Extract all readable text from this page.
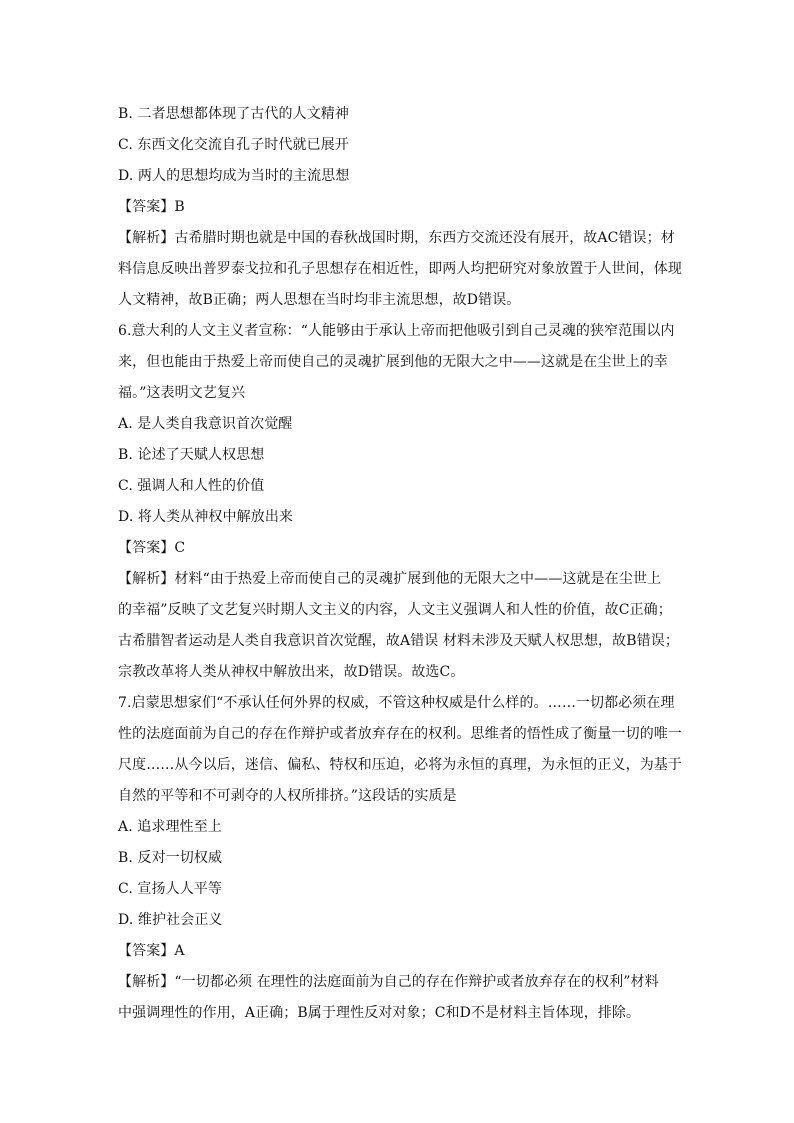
B. 二者思想都体现了古代的人文精神
C. 东西文化交流自孔子时代就已展开
D. 两人的思想均成为当时的主流思想
【答案】B
【解析】古希腊时期也就是中国的春秋战国时期，东西方交流还没有展开，故AC错误；材
料信息反映出普罗泰戈拉和孔子思想存在相近性，即两人均把研究对象放置于人世间，体现
人文精神，故B正确；两人思想在当时均非主流思想，故D错误。
6.意大利的人文主义者宣称：“人能够由于承认上帝而把他吸引到自己灵魂的狭窄范围以内
来，但也能由于热爱上帝而使自己的灵魂扩展到他的无限大之中——这就是在尘世上的幸
福。”这表明文艺复兴
A. 是人类自我意识首次觉醒
B. 论述了天赋人权思想
C. 强调人和人性的价值
D. 将人类从神权中解放出来
【答案】C
【解析】材料“由于热爱上帝而使自己的灵魂扩展到他的无限大之中——这就是在尘世上
的幸福”反映了文艺复兴时期人文主义的内容，人文主义强调人和人性的价值，故C正确；
古希腊智者运动是人类自我意识首次觉醒，故A错误 材料未涉及天赋人权思想，故B错误；
宗教改革将人类从神权中解放出来，故D错误。故选C。
7.启蒙思想家们“不承认任何外界的权威，不管这种权威是什么样的。……一切都必须在理
性的法庭面前为自己的存在作辩护或者放弃存在的权利。思维者的悟性成了衡量一切的唯一
尺度……从今以后，迷信、偏私、特权和压迫，必将为永恒的真理，为永恒的正义，为基于
自然的平等和不可剥夺的人权所排挤。”这段话的实质是
A. 追求理性至上
B. 反对一切权威
C. 宣扬人人平等
D. 维护社会正义
【答案】A
【解析】“一切都必须 在理性的法庭面前为自己的存在作辩护或者放弃存在的权利”材料
中强调理性的作用，A正确；B属于理性反对对象；C和D不是材料主旨体现，排除。
